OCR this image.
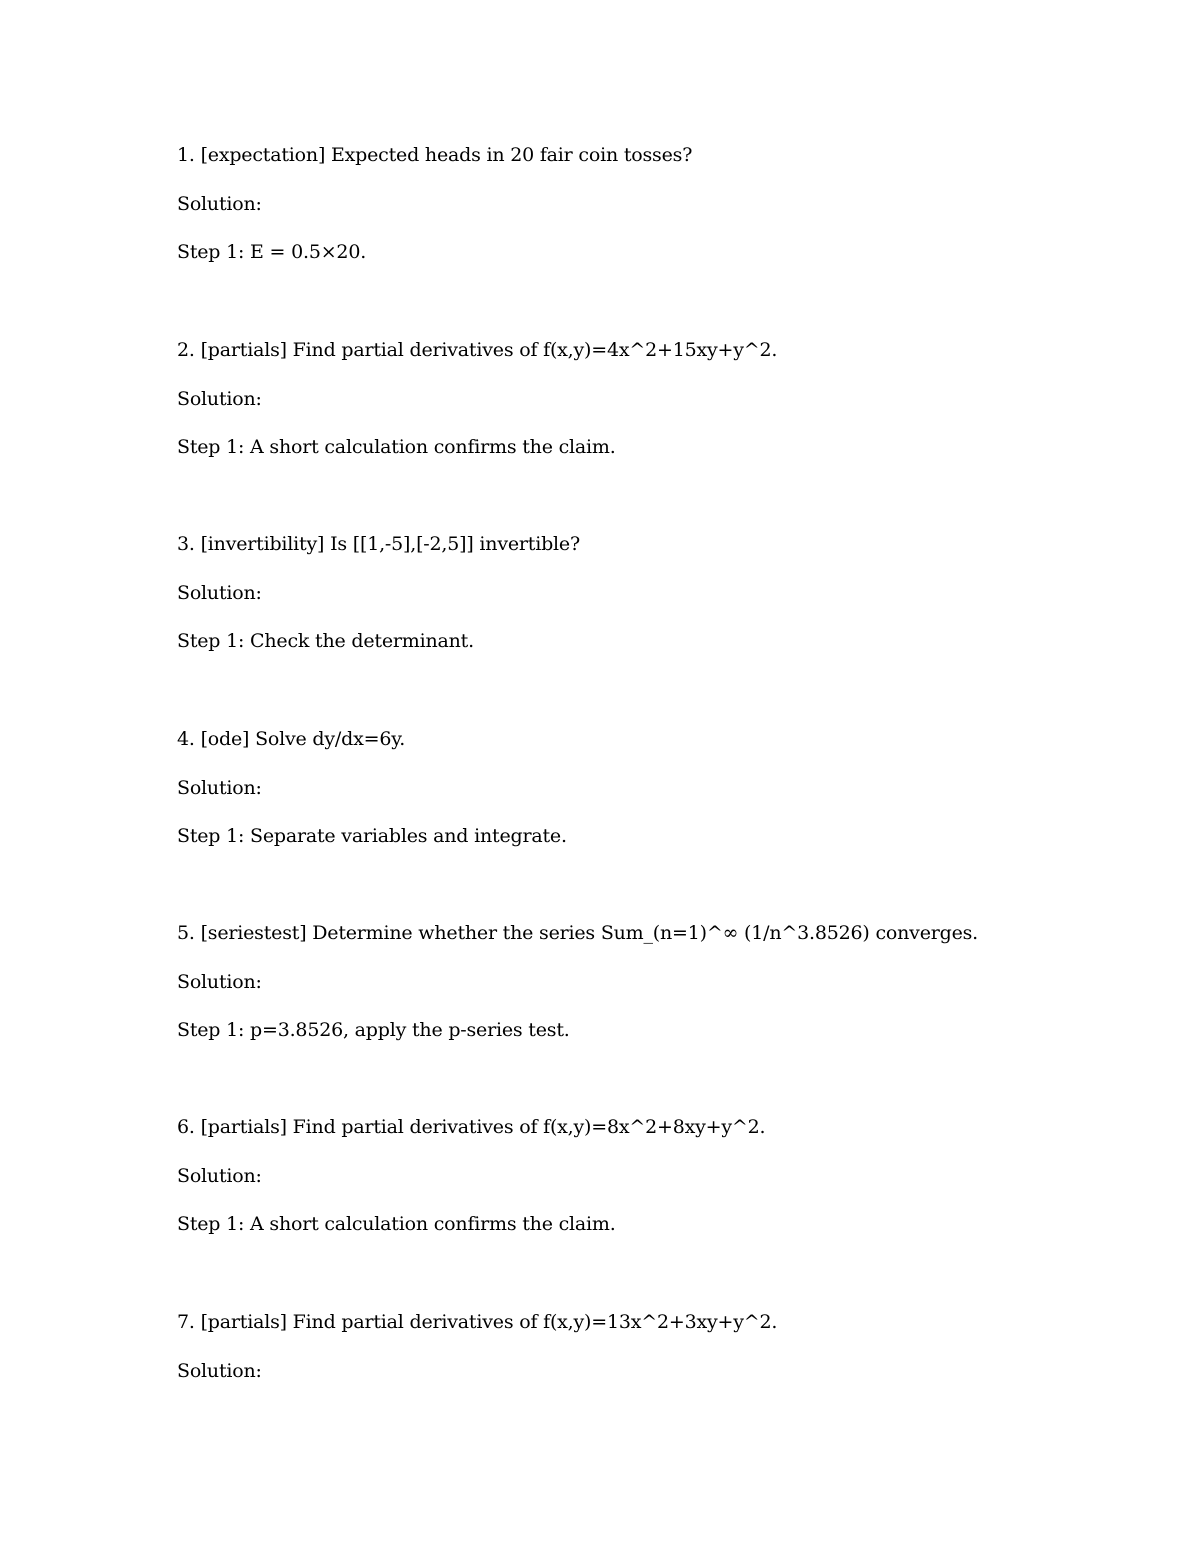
1. [expectation] Expected heads in 20 fair coin tosses?
Solution:
Step 1: E = 0.5×20.
2. [partials] Find partial derivatives of f(x,y)=4x^2+15xy+y^2.
Solution:
Step 1: A short calculation confirms the claim.
3. [invertibility] Is [[1,-5],[-2,5]] invertible?
Solution:
Step 1: Check the determinant.
4. [ode] Solve dy/dx=6y.
Solution:
Step 1: Separate variables and integrate.
5. [seriestest] Determine whether the series Sum_(n=1)^∞ (1/n^3.8526) converges.
Solution:
Step 1: p=3.8526, apply the p-series test.
6. [partials] Find partial derivatives of f(x,y)=8x^2+8xy+y^2.
Solution:
Step 1: A short calculation confirms the claim.
7. [partials] Find partial derivatives of f(x,y)=13x^2+3xy+y^2.
Solution:
